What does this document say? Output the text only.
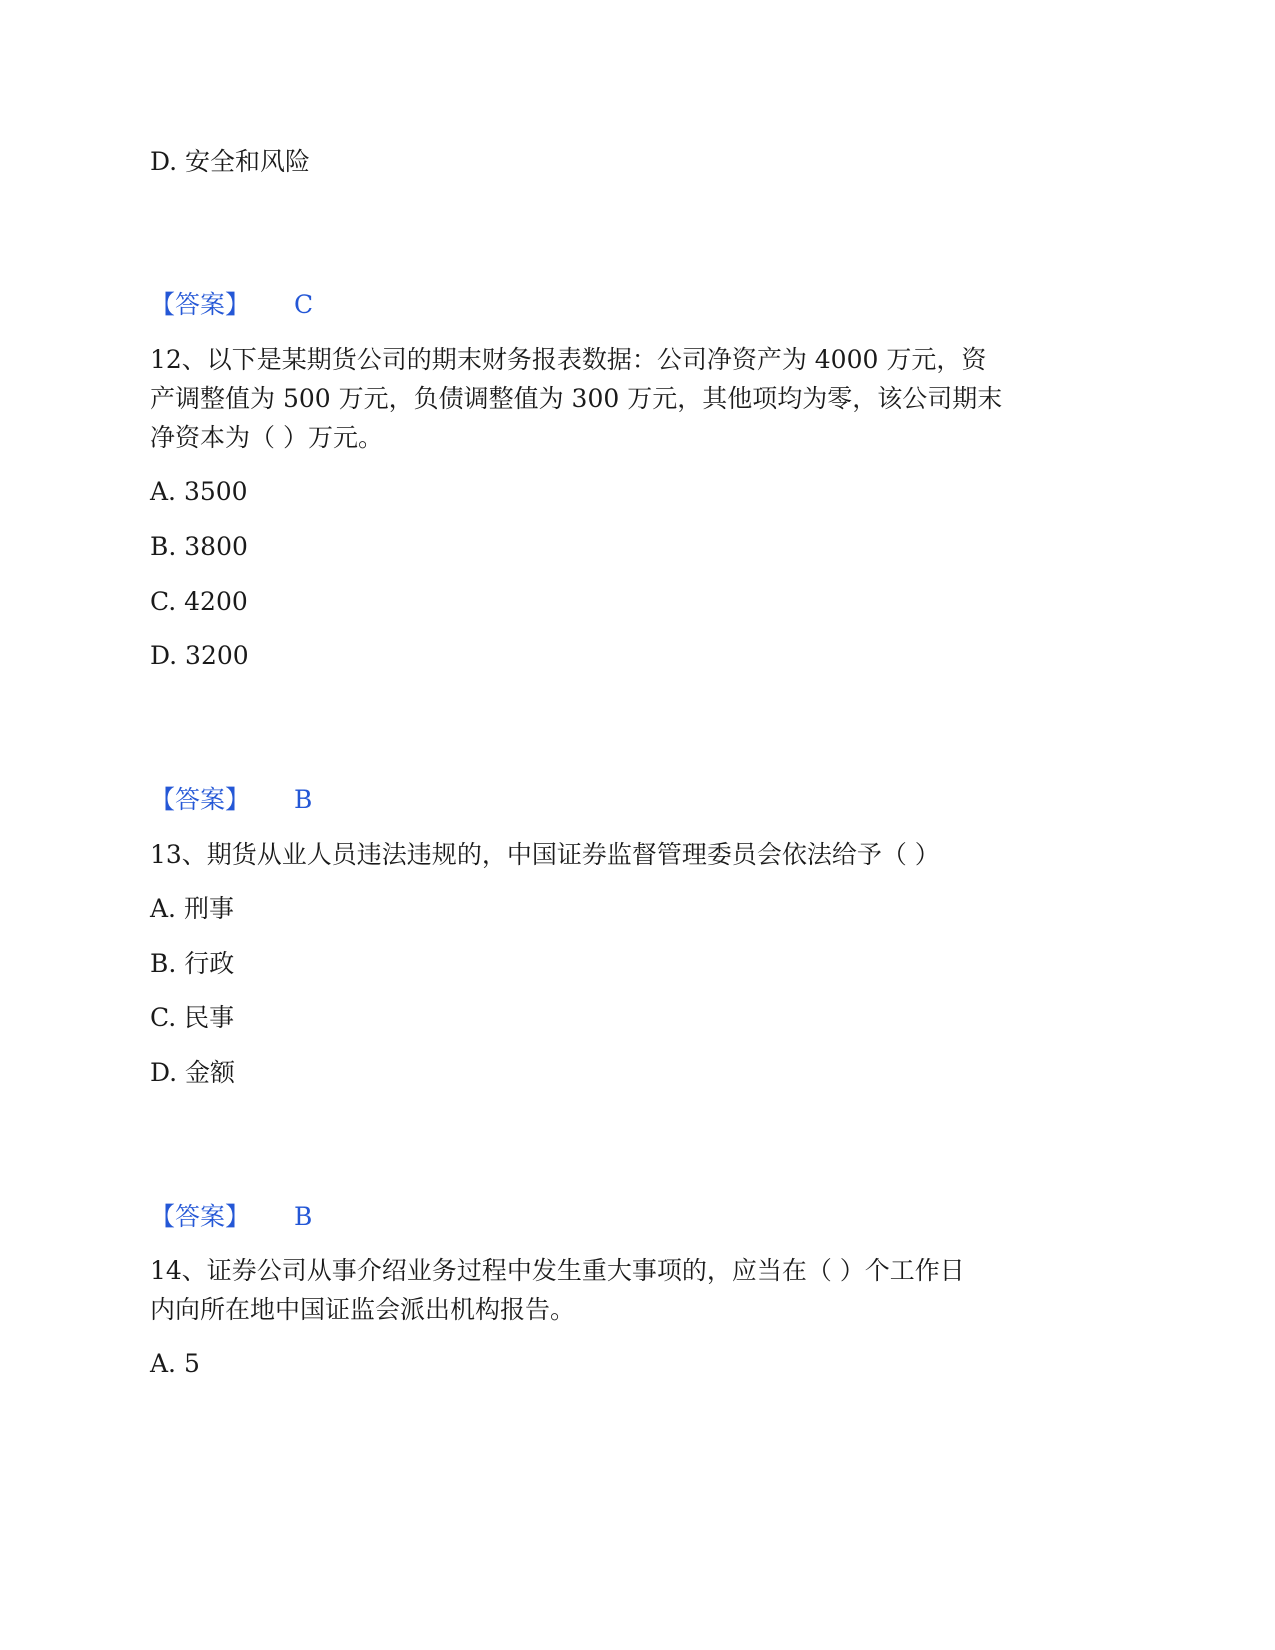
D. 安全和风险
【答案】 C
12、以下是某期货公司的期末财务报表数据：公司净资产为 4000 万元，资
产调整值为 500 万元，负债调整值为 300 万元，其他项均为零，该公司期末
净资本为（ ）万元。
A. 3500
B. 3800
C. 4200
D. 3200
【答案】 B
13、期货从业人员违法违规的，中国证券监督管理委员会依法给予（ ）
A. 刑事
B. 行政
C. 民事
D. 金额
【答案】 B
14、证券公司从事介绍业务过程中发生重大事项的，应当在（ ）个工作日
内向所在地中国证监会派出机构报告。
A. 5
